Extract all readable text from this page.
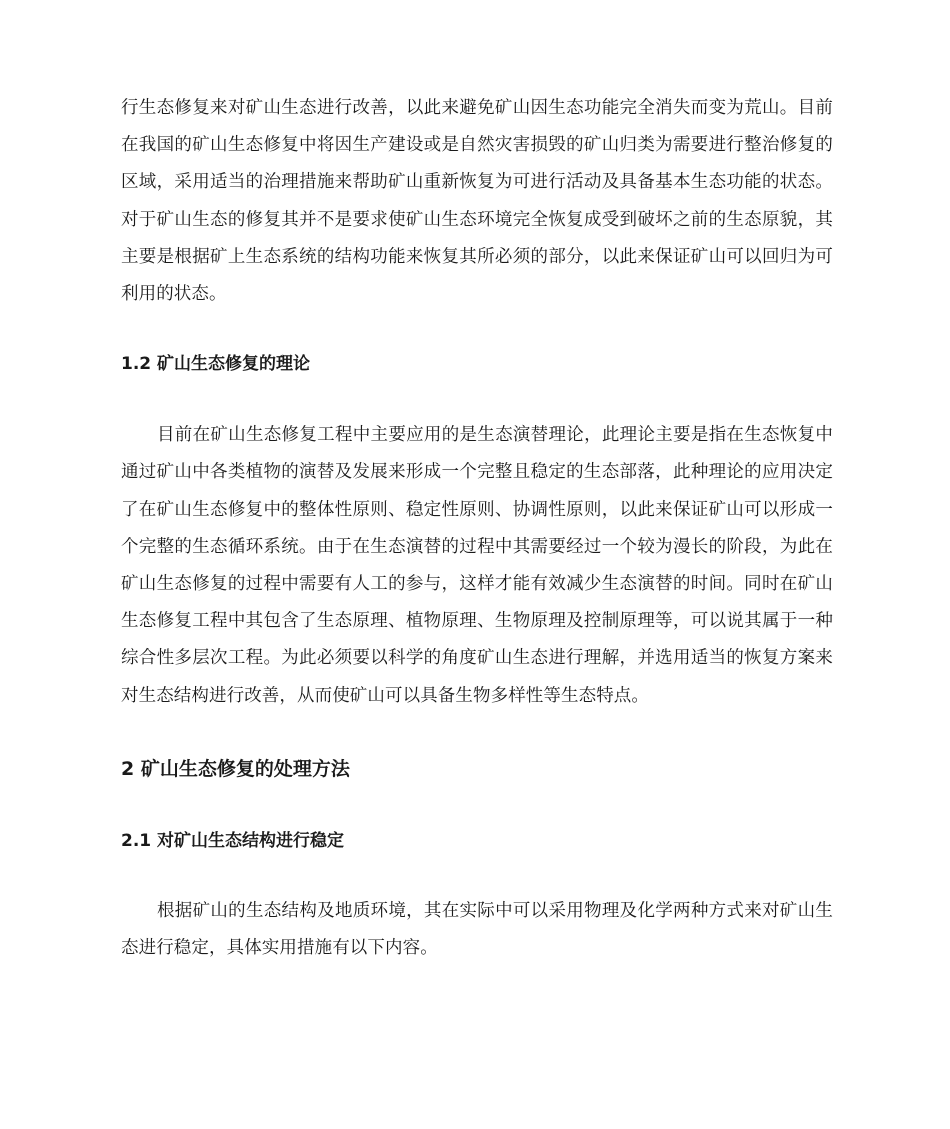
行生态修复来对矿山生态进行改善，以此来避免矿山因生态功能完全消失而变为荒山。目前在我国的矿山生态修复中将因生产建设或是自然灾害损毁的矿山归类为需要进行整治修复的区域，采用适当的治理措施来帮助矿山重新恢复为可进行活动及具备基本生态功能的状态。对于矿山生态的修复其并不是要求使矿山生态环境完全恢复成受到破坏之前的生态原貌，其主要是根据矿上生态系统的结构功能来恢复其所必须的部分，以此来保证矿山可以回归为可利用的状态。

1.2 矿山生态修复的理论

目前在矿山生态修复工程中主要应用的是生态演替理论，此理论主要是指在生态恢复中通过矿山中各类植物的演替及发展来形成一个完整且稳定的生态部落，此种理论的应用决定了在矿山生态修复中的整体性原则、稳定性原则、协调性原则，以此来保证矿山可以形成一个完整的生态循环系统。由于在生态演替的过程中其需要经过一个较为漫长的阶段，为此在矿山生态修复的过程中需要有人工的参与，这样才能有效减少生态演替的时间。同时在矿山生态修复工程中其包含了生态原理、植物原理、生物原理及控制原理等，可以说其属于一种综合性多层次工程。为此必须要以科学的角度矿山生态进行理解，并选用适当的恢复方案来对生态结构进行改善，从而使矿山可以具备生物多样性等生态特点。

2 矿山生态修复的处理方法
2.1 对矿山生态结构进行稳定

根据矿山的生态结构及地质环境，其在实际中可以采用物理及化学两种方式来对矿山生态进行稳定，具体实用措施有以下内容。
